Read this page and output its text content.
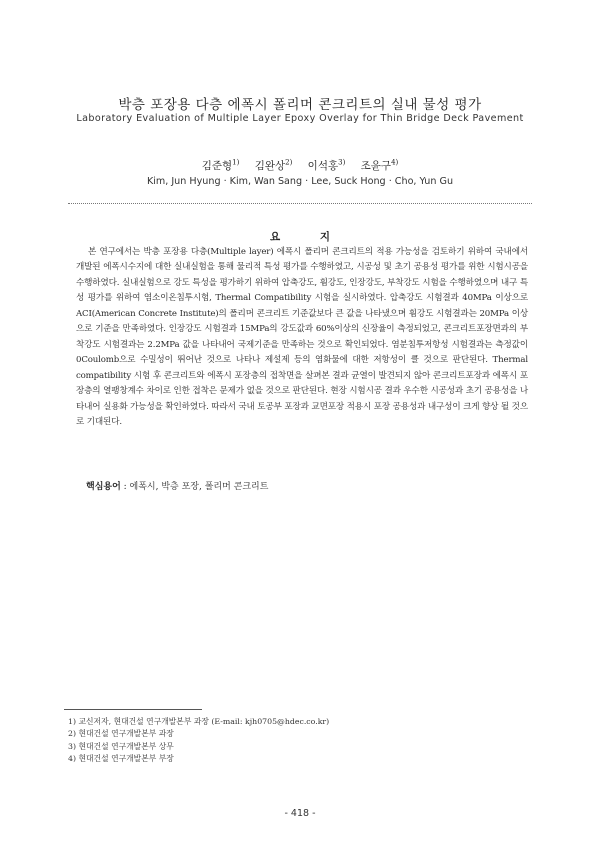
박층 포장용 다층 에폭시 폴리머 콘크리트의 실내 물성 평가
Laboratory Evaluation of Multiple Layer Epoxy Overlay for Thin Bridge Deck Pavement
김준형$^{1)}$ 김완상$^{2)}$ 이석홍$^{3)}$ 조윤구$^{4)}$
Kim, Jun Hyung · Kim, Wan Sang · Lee, Suck Hong · Cho, Yun Gu
요 지
본 연구에서는 박층 포장용 다층(Multiple layer) 에폭시 폴리머 콘크리트의 적용 가능성을 검토하기 위하여 국내에서 개발된 에폭시수지에 대한 실내실험을 통해 물리적 특성 평가를 수행하였고, 시공성 및 초기 공용성 평가를 위한 시험시공을 수행하였다. 실내실험으로 강도 특성을 평가하기 위하여 압축강도, 휨강도, 인장강도, 부착강도 시험을 수행하였으며 내구 특성 평가를 위하여 염소이온침투시험, Thermal Compatibility 시험을 실시하였다. 압축강도 시험결과 40MPa 이상으로 ACI(American Concrete Institute)의 폴리머 콘크리트 기준값보다 큰 값을 나타냈으며 휨강도 시험결과는 20MPa 이상으로 기준을 만족하였다. 인장강도 시험결과 15MPa의 강도값과 60%이상의 신장율이 측정되었고, 콘크리트포장면과의 부착강도 시험결과는 2.2MPa 값을 나타내어 국제기준을 만족하는 것으로 확인되었다. 염분침투저항성 시험결과는 측정값이 0Coulomb으로 수밀성이 뛰어난 것으로 나타나 제설제 등의 염화물에 대한 저항성이 클 것으로 판단된다. Thermal compatibility 시험 후 콘크리트와 에폭시 포장층의 접착면을 살펴본 결과 균열이 발견되지 않아 콘크리트포장과 에폭시 포장층의 열팽창계수 차이로 인한 접착은 문제가 없을 것으로 판단된다. 현장 시험시공 결과 우수한 시공성과 초기 공용성을 나타내어 실용화 가능성을 확인하였다. 따라서 국내 토공부 포장과 교면포장 적용시 포장 공용성과 내구성이 크게 향상 될 것으로 기대된다.
핵심용어 : 에폭시, 박층 포장, 폴리머 콘크리트
1) 교신저자, 현대건설 연구개발본부 과장 (E-mail: kjh0705@hdec.co.kr)
2) 현대건설 연구개발본부 과장
3) 현대건설 연구개발본부 상무
4) 현대건설 연구개발본부 부장
- 418 -
